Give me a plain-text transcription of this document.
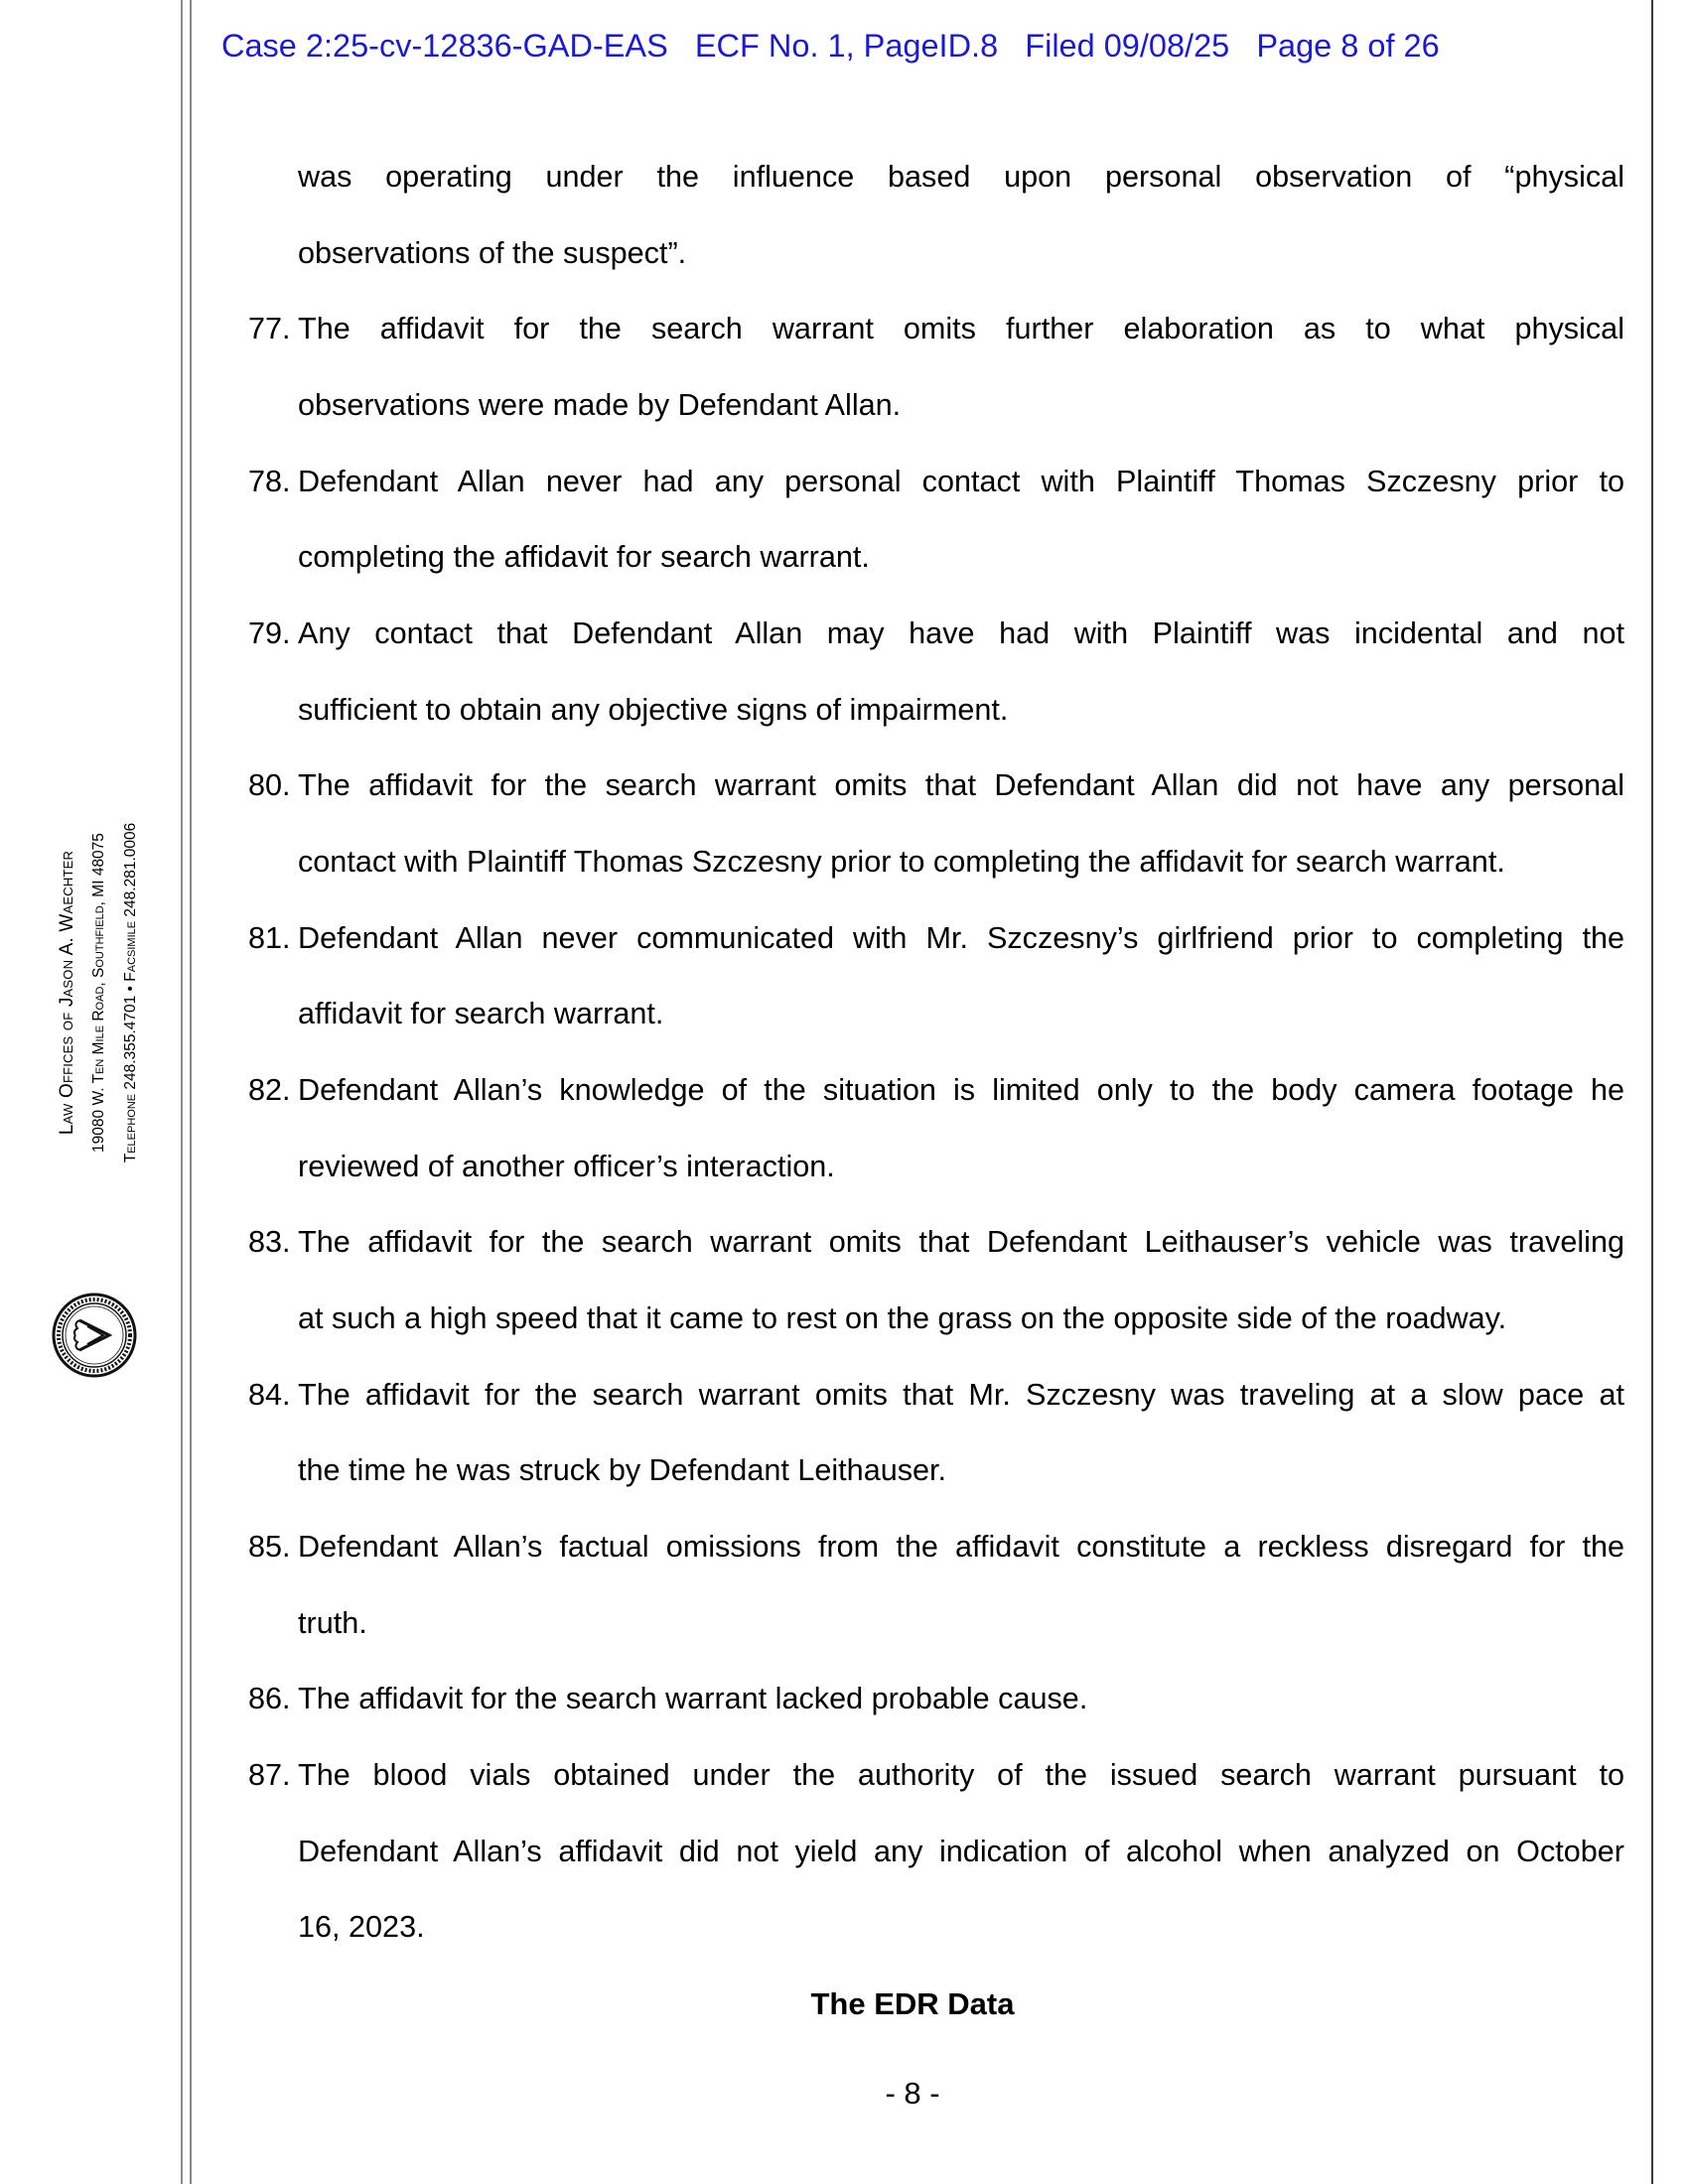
Case 2:25-cv-12836-GAD-EAS ECF No. 1, PageID.8 Filed 09/08/25 Page 8 of 26
Law Offices of Jason A. Waechter 19080 W. Ten Mile Road, Southfield, MI 48075 Telephone 248.355.4701 • Facsimile 248.281.0006
was operating under the influence based upon personal observation of “physical
observations of the suspect”.
77. The affidavit for the search warrant omits further elaboration as to what physical
observations were made by Defendant Allan.
78. Defendant Allan never had any personal contact with Plaintiff Thomas Szczesny prior to
completing the affidavit for search warrant.
79. Any contact that Defendant Allan may have had with Plaintiff was incidental and not
sufficient to obtain any objective signs of impairment.
80. The affidavit for the search warrant omits that Defendant Allan did not have any personal
contact with Plaintiff Thomas Szczesny prior to completing the affidavit for search warrant.
81. Defendant Allan never communicated with Mr. Szczesny’s girlfriend prior to completing the
affidavit for search warrant.
82. Defendant Allan’s knowledge of the situation is limited only to the body camera footage he
reviewed of another officer’s interaction.
83. The affidavit for the search warrant omits that Defendant Leithauser’s vehicle was traveling
at such a high speed that it came to rest on the grass on the opposite side of the roadway.
84. The affidavit for the search warrant omits that Mr. Szczesny was traveling at a slow pace at
the time he was struck by Defendant Leithauser.
85. Defendant Allan’s factual omissions from the affidavit constitute a reckless disregard for the
truth.
86. The affidavit for the search warrant lacked probable cause.
87. The blood vials obtained under the authority of the issued search warrant pursuant to
Defendant Allan’s affidavit did not yield any indication of alcohol when analyzed on October
16, 2023.
The EDR Data
- 8 -
